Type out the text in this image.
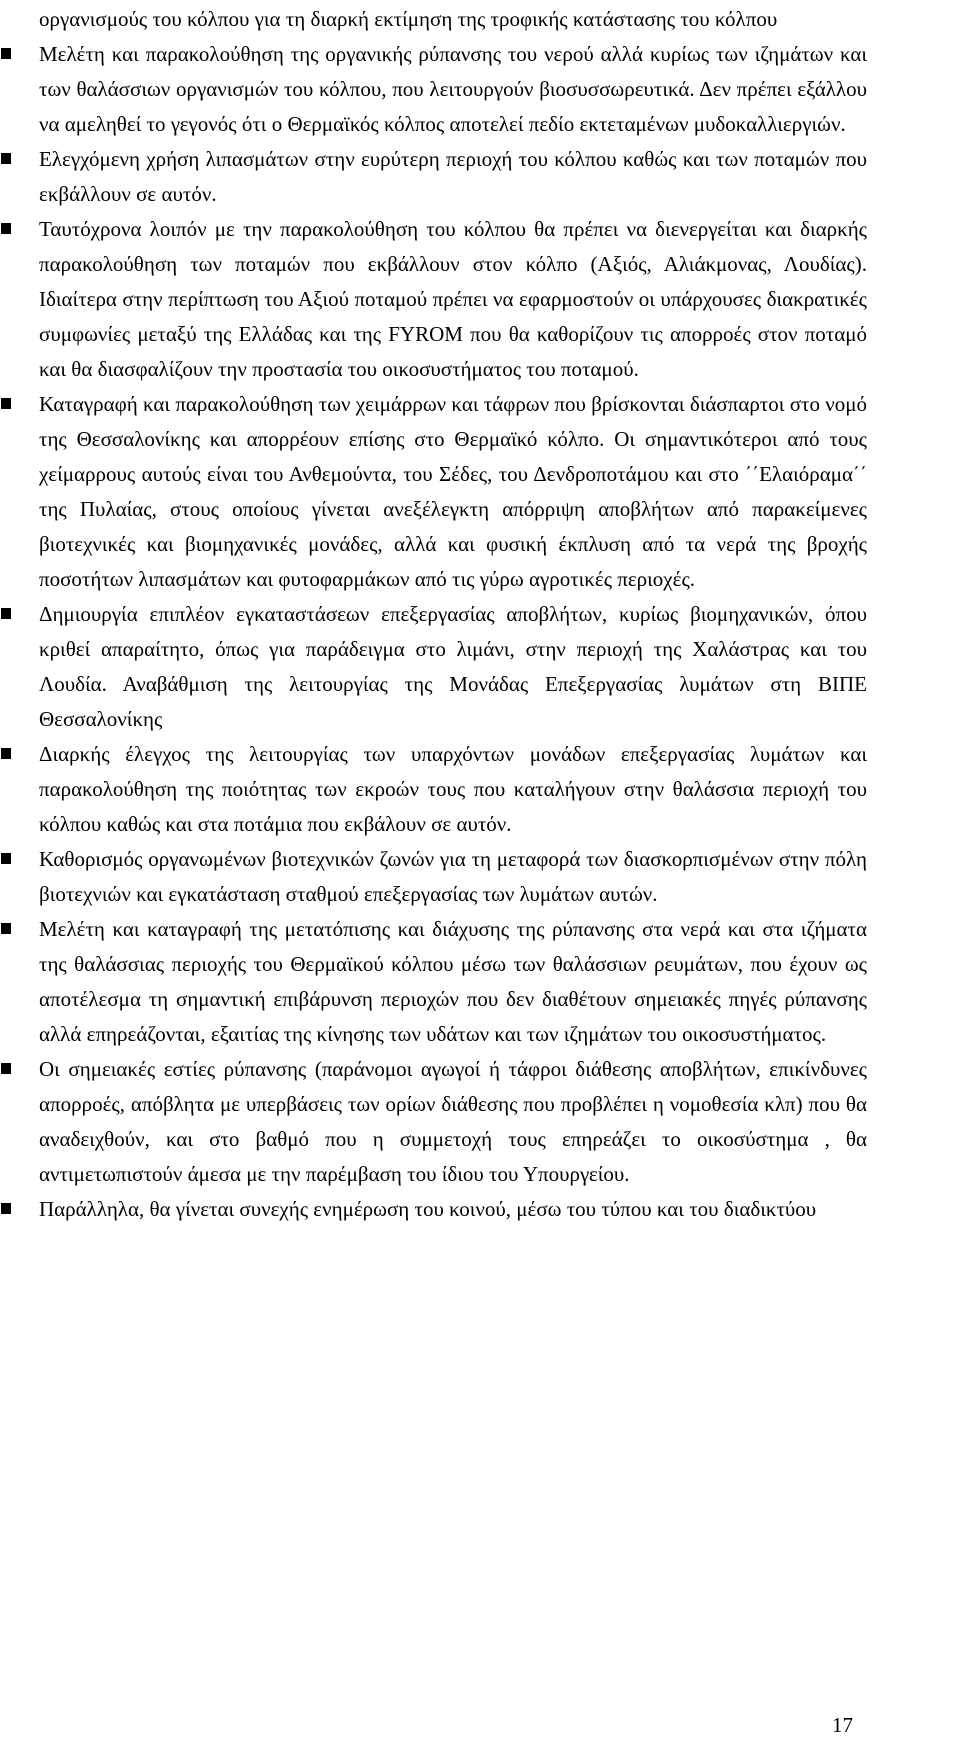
οργανισμούς του κόλπου για τη διαρκή εκτίμηση της τροφικής κατάστασης του κόλπου

Μελέτη και παρακολούθηση της οργανικής ρύπανσης του νερού αλλά κυρίως των ιζημάτων και των θαλάσσιων οργανισμών του κόλπου, που λειτουργούν βιοσυσσωρευτικά. Δεν πρέπει εξάλλου να αμεληθεί το γεγονός ότι ο Θερμαϊκός κόλπος αποτελεί πεδίο εκτεταμένων μυδοκαλλιεργιών.
Ελεγχόμενη χρήση λιπασμάτων στην ευρύτερη περιοχή του κόλπου καθώς και των ποταμών που εκβάλλουν σε αυτόν.
Ταυτόχρονα λοιπόν με την παρακολούθηση του κόλπου θα πρέπει να διενεργείται και διαρκής παρακολούθηση των ποταμών που εκβάλλουν στον κόλπο (Αξιός, Αλιάκμονας, Λουδίας). Ιδιαίτερα στην περίπτωση του Αξιού ποταμού πρέπει να εφαρμοστούν οι υπάρχουσες διακρατικές συμφωνίες μεταξύ της Ελλάδας και της FYROM που θα καθορίζουν τις απορροές στον ποταμό και θα διασφαλίζουν την προστασία του οικοσυστήματος του ποταμού.
Καταγραφή και παρακολούθηση των χειμάρρων και τάφρων που βρίσκονται διάσπαρτοι στο νομό της Θεσσαλονίκης και απορρέουν επίσης στο Θερμαϊκό κόλπο. Οι σημαντικότεροι από τους χείμαρρους αυτούς είναι του Ανθεμούντα, του Σέδες, του Δενδροποτάμου και στο ΄΄Ελαιόραμα΄΄ της Πυλαίας, στους οποίους γίνεται ανεξέλεγκτη απόρριψη αποβλήτων από παρακείμενες βιοτεχνικές και βιομηχανικές μονάδες, αλλά και φυσική έκπλυση από τα νερά της βροχής ποσοτήτων λιπασμάτων και φυτοφαρμάκων από τις γύρω αγροτικές περιοχές.
Δημιουργία επιπλέον εγκαταστάσεων επεξεργασίας αποβλήτων, κυρίως βιομηχανικών, όπου κριθεί απαραίτητο, όπως για παράδειγμα στο λιμάνι, στην περιοχή της Χαλάστρας και του Λουδία. Αναβάθμιση της λειτουργίας της Μονάδας Επεξεργασίας λυμάτων στη ΒΙΠΕ Θεσσαλονίκης
Διαρκής έλεγχος της λειτουργίας των υπαρχόντων μονάδων επεξεργασίας λυμάτων και παρακολούθηση της ποιότητας των εκροών τους που καταλήγουν στην θαλάσσια περιοχή του κόλπου καθώς και στα ποτάμια που εκβάλουν σε αυτόν.
Καθορισμός οργανωμένων βιοτεχνικών ζωνών για τη μεταφορά των διασκορπισμένων στην πόλη βιοτεχνιών και εγκατάσταση σταθμού επεξεργασίας των λυμάτων αυτών.
Μελέτη και καταγραφή της μετατόπισης και διάχυσης της ρύπανσης στα νερά και στα ιζήματα της θαλάσσιας περιοχής του Θερμαϊκού κόλπου μέσω των θαλάσσιων ρευμάτων, που έχουν ως αποτέλεσμα τη σημαντική επιβάρυνση περιοχών που δεν διαθέτουν σημειακές πηγές ρύπανσης αλλά επηρεάζονται, εξαιτίας της κίνησης των υδάτων και των ιζημάτων του οικοσυστήματος.
Οι σημειακές εστίες ρύπανσης (παράνομοι αγωγοί ή τάφροι διάθεσης αποβλήτων, επικίνδυνες απορροές, απόβλητα με υπερβάσεις των ορίων διάθεσης που προβλέπει η νομοθεσία κλπ) που θα αναδειχθούν, και στο βαθμό που η συμμετοχή τους επηρεάζει το οικοσύστημα , θα αντιμετωπιστούν άμεσα με την παρέμβαση του ίδιου του Υπουργείου.
Παράλληλα, θα γίνεται συνεχής ενημέρωση του κοινού, μέσω του τύπου και του διαδικτύου
17
